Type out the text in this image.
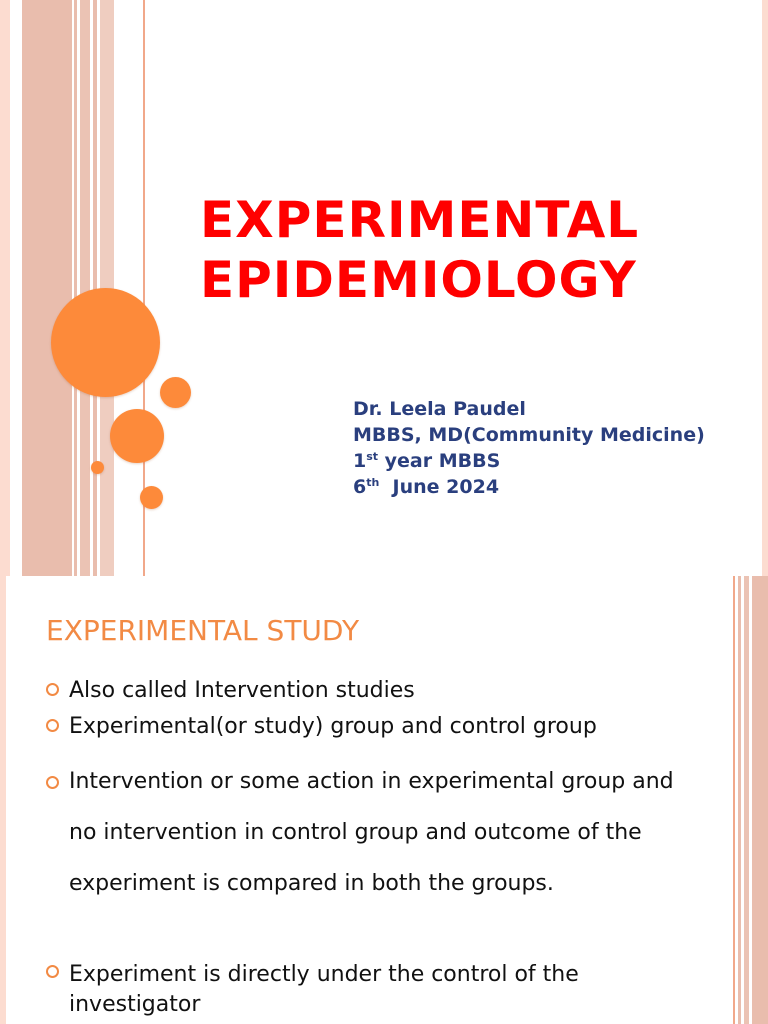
EXPERIMENTAL
EPIDEMIOLOGY
Dr. Leela Paudel
MBBS, MD(Community Medicine)
1st year MBBS
6th  June 2024
EXPERIMENTAL STUDY
Also called Intervention studies
Experimental(or study) group and control group
Intervention or some action in experimental group and no intervention in control group and outcome of the experiment is compared in both the groups.
Experiment is directly under the control of the investigator
